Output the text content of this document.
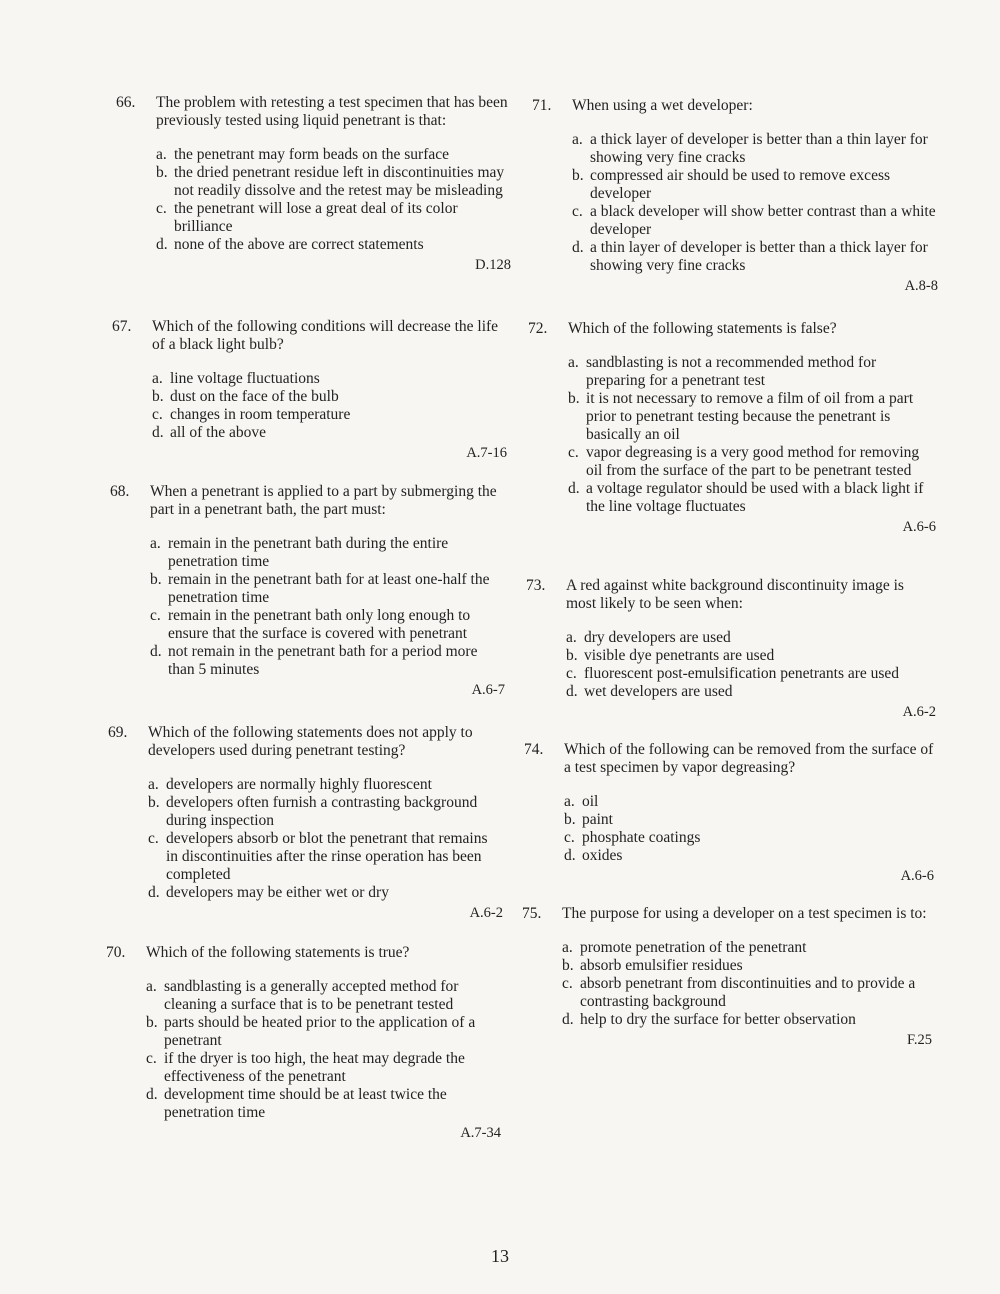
66. The problem with retesting a test specimen that has been previously tested using liquid penetrant is that:
a. the penetrant may form beads on the surface
b. the dried penetrant residue left in discontinuities may not readily dissolve and the retest may be misleading
c. the penetrant will lose a great deal of its color brilliance
d. none of the above are correct statements
D.128
67. Which of the following conditions will decrease the life of a black light bulb?
a. line voltage fluctuations
b. dust on the face of the bulb
c. changes in room temperature
d. all of the above
A.7-16
68. When a penetrant is applied to a part by submerging the part in a penetrant bath, the part must:
a. remain in the penetrant bath during the entire penetration time
b. remain in the penetrant bath for at least one-half the penetration time
c. remain in the penetrant bath only long enough to ensure that the surface is covered with penetrant
d. not remain in the penetrant bath for a period more than 5 minutes
A.6-7
69. Which of the following statements does not apply to developers used during penetrant testing?
a. developers are normally highly fluorescent
b. developers often furnish a contrasting background during inspection
c. developers absorb or blot the penetrant that remains in discontinuities after the rinse operation has been completed
d. developers may be either wet or dry
A.6-2
70. Which of the following statements is true?
a. sandblasting is a generally accepted method for cleaning a surface that is to be penetrant tested
b. parts should be heated prior to the application of a penetrant
c. if the dryer is too high, the heat may degrade the effectiveness of the penetrant
d. development time should be at least twice the penetration time
A.7-34
71. When using a wet developer:
a. a thick layer of developer is better than a thin layer for showing very fine cracks
b. compressed air should be used to remove excess developer
c. a black developer will show better contrast than a white developer
d. a thin layer of developer is better than a thick layer for showing very fine cracks
A.8-8
72. Which of the following statements is false?
a. sandblasting is not a recommended method for preparing for a penetrant test
b. it is not necessary to remove a film of oil from a part prior to penetrant testing because the penetrant is basically an oil
c. vapor degreasing is a very good method for removing oil from the surface of the part to be penetrant tested
d. a voltage regulator should be used with a black light if the line voltage fluctuates
A.6-6
73. A red against white background discontinuity image is most likely to be seen when:
a. dry developers are used
b. visible dye penetrants are used
c. fluorescent post-emulsification penetrants are used
d. wet developers are used
A.6-2
74. Which of the following can be removed from the surface of a test specimen by vapor degreasing?
a. oil
b. paint
c. phosphate coatings
d. oxides
A.6-6
75. The purpose for using a developer on a test specimen is to:
a. promote penetration of the penetrant
b. absorb emulsifier residues
c. absorb penetrant from discontinuities and to provide a contrasting background
d. help to dry the surface for better observation
F.25
13
